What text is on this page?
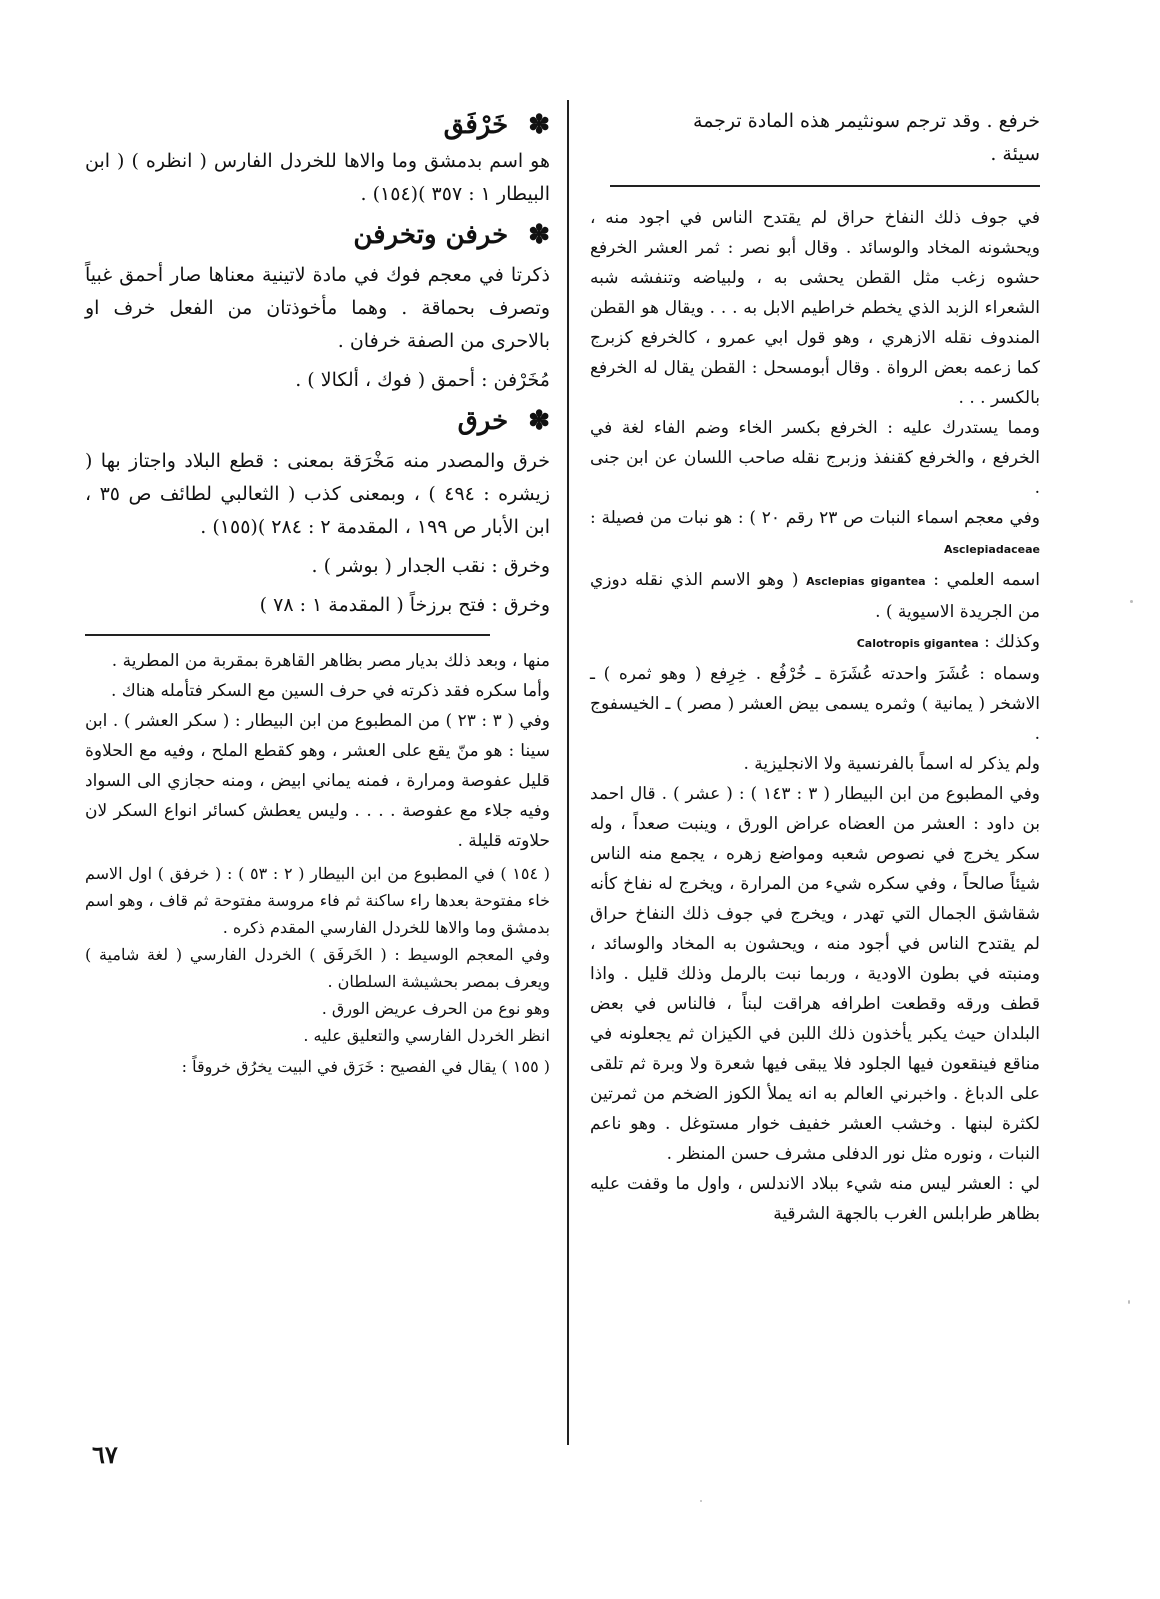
خرفع . وقد ترجم سونثيمر هذه المادة ترجمة

سيئة .

في جوف ذلك النفاخ حراق لم يقتدح الناس في اجود منه ، ويحشونه المخاد والوسائد . وقال أبو نصر : ثمر العشر الخرفع حشوه زغب مثل القطن يحشى به ، ولبياضه وتنفشه شبه الشعراء الزبد الذي يخطم خراطيم الابل به . . . ويقال هو القطن المندوف نقله الازهري ، وهو قول ابي عمرو ، كالخرفع كزبرج كما زعمه بعض الرواة . وقال أبومسحل : القطن يقال له الخرفع بالكسر . . .

ومما يستدرك عليه : الخرفع بكسر الخاء وضم الفاء لغة في الخرفع ، والخرفع كقنفذ وزبرج نقله صاحب اللسان عن ابن جنى .

وفي معجم اسماء النبات ص ٢٣ رقم ٢٠ ) : هو نبات من فصيلة : Asclepiadaceae

اسمه العلمي : Asclepias gigantea ( وهو الاسم الذي نقله دوزي من الجريدة الاسيوية ) .

وكذلك : Calotropis gigantea

وسماه : عُشَرَ واحدته عُشَرَة ـ خُرْفُع . خِرِفع ( وهو ثمره ) ـ الاشخر ( يمانية ) وثمره يسمى بيض العشر ( مصر ) ـ الخيسفوج .

ولم يذكر له اسماً بالفرنسية ولا الانجليزية .

وفي المطبوع من ابن البيطار ( ٣ : ١٤٣ ) : ( عشر ) . قال احمد بن داود : العشر من العضاه عراض الورق ، وينبت صعداً ، وله سكر يخرج في نصوص شعبه ومواضع زهره ، يجمع منه الناس شيئاً صالحاً ، وفي سكره شيء من المرارة ، ويخرج له نفاخ كأنه شقاشق الجمال التي تهدر ، ويخرج في جوف ذلك النفاخ حراق لم يقتدح الناس في أجود منه ، ويحشون به المخاد والوسائد ، ومنبته في بطون الاودية ، وربما نبت بالرمل وذلك قليل . واذا قطف ورقه وقطعت اطرافه هراقت لبناً ، فالناس في بعض البلدان حيث يكبر يأخذون ذلك اللبن في الكيزان ثم يجعلونه في مناقع فينقعون فيها الجلود فلا يبقى فيها شعرة ولا وبرة ثم تلقى على الدباغ . واخبرني العالم به انه يملأ الكوز الضخم من ثمرتين لكثرة لبنها . وخشب العشر خفيف خوار مستوغل . وهو ناعم النبات ، ونوره مثل نور الدفلى مشرف حسن المنظر .

لي : العشر ليس منه شيء ببلاد الاندلس ، واول ما وقفت عليه بظاهر طرابلس الغرب بالجهة الشرقية

✽خَرْفَق

هو اسم بدمشق وما والاها للخردل الفارس ( انظره ) ( ابن البيطار ١ : ٣٥٧ )(١٥٤) .

✽خرفن وتخرفن

ذكرتا في معجم فوك في مادة لاتينية معناها صار أحمق غبياً وتصرف بحماقة . وهما مأخوذتان من الفعل خرف او بالاحرى من الصفة خرفان .

مُخَرْفن : أحمق ( فوك ، ألكالا ) .

✽خرق

خرق والمصدر منه مَخْرَقة بمعنى : قطع البلاد واجتاز بها ( زيشره : ٤٩٤ ) ، وبمعنى كذب ( الثعالبي لطائف ص ٣٥ ، ابن الأبار ص ١٩٩ ، المقدمة ٢ : ٢٨٤ )(١٥٥) .

وخرق : نقب الجدار ( بوشر ) .

وخرق : فتح برزخاً ( المقدمة ١ : ٧٨ )

منها ، وبعد ذلك بديار مصر بظاهر القاهرة بمقربة من المطرية .

وأما سكره فقد ذكرته في حرف السين مع السكر فتأمله هناك .

وفي ( ٣ : ٢٣ ) من المطبوع من ابن البيطار : ( سكر العشر ) . ابن سينا : هو منّ يقع على العشر ، وهو كقطع الملح ، وفيه مع الحلاوة قليل عفوصة ومرارة ، فمنه يماني ابيض ، ومنه حجازي الى السواد وفيه جلاء مع عفوصة . . . . وليس يعطش كسائر انواع السكر لان حلاوته قليلة .

( ١٥٤ ) في المطبوع من ابن البيطار ( ٢ : ٥٣ ) : ( خرفق ) اول الاسم خاء مفتوحة بعدها راء ساكنة ثم فاء مروسة مفتوحة ثم قاف ، وهو اسم بدمشق وما والاها للخردل الفارسي المقدم ذكره .

وفي المعجم الوسيط : ( الخَرفَق ) الخردل الفارسي ( لغة شامية ) ويعرف بمصر بحشيشة السلطان .

وهو نوع من الحرف عريض الورق .

انظر الخردل الفارسي والتعليق عليه .

( ١٥٥ ) يقال في الفصيح : خَرَق في البيت يخرُق خروقاً :

٦٧
